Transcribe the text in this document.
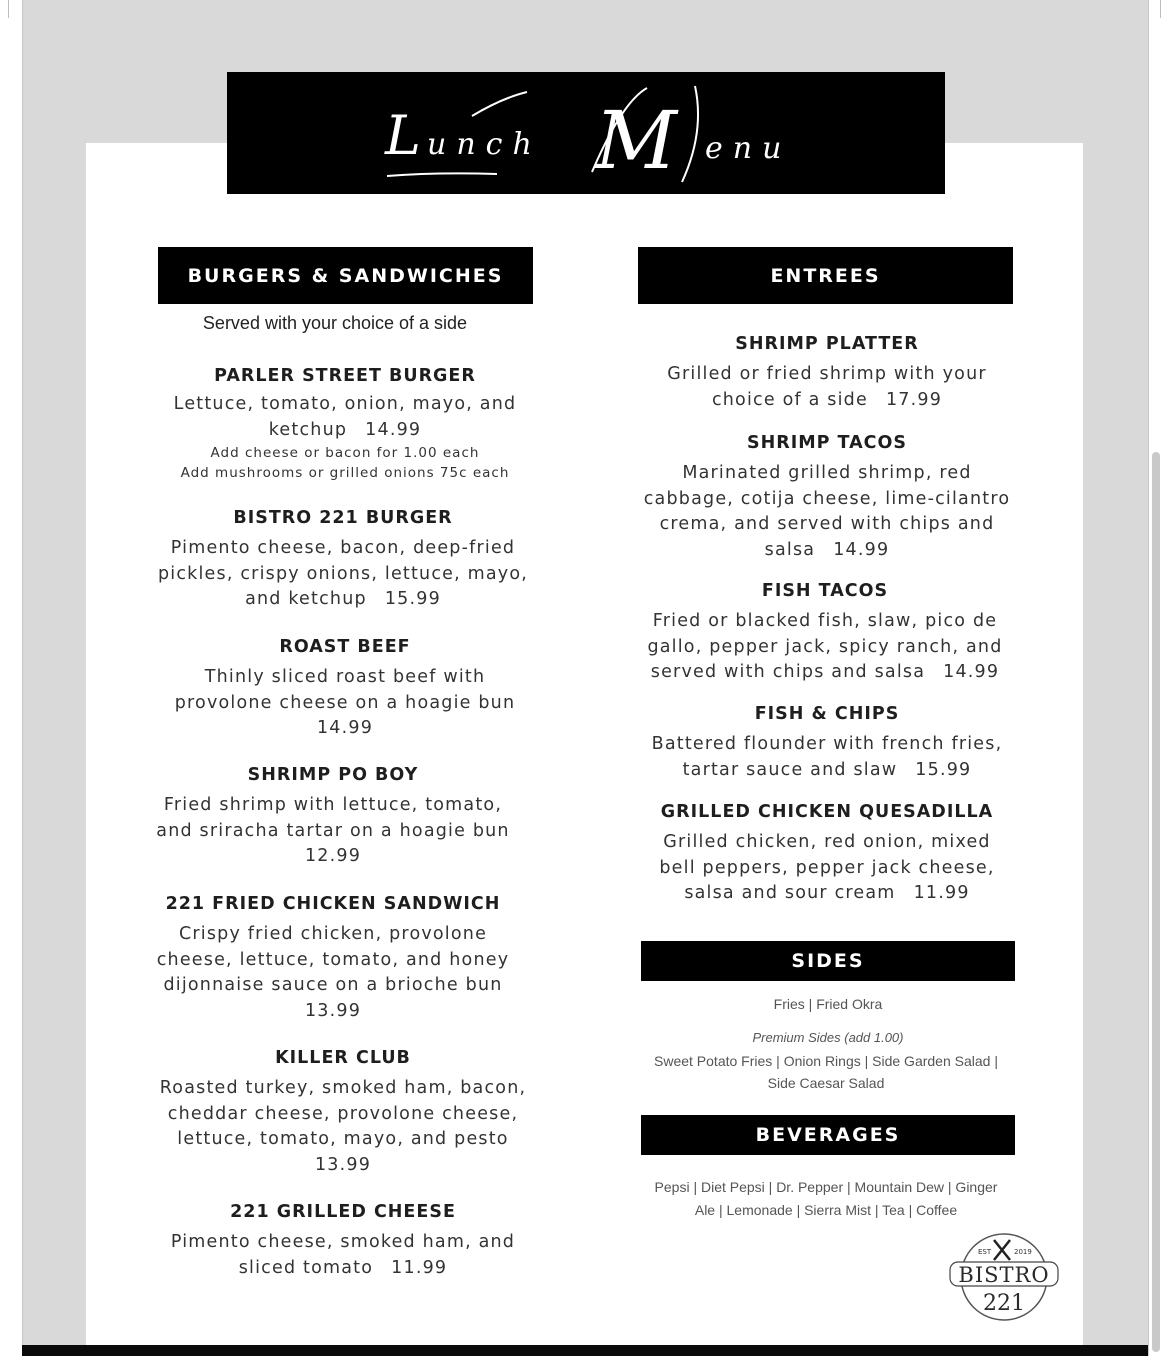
L unch M enu
BURGERS & SANDWICHES
Served with your choice of a side

PARLER STREET BURGER

Lettuce, tomato, onion, mayo, and

ketchup 14.99

Add cheese or bacon for 1.00 each

Add mushrooms or grilled onions 75c each

BISTRO 221 BURGER

Pimento cheese, bacon, deep-fried

pickles, crispy onions, lettuce, mayo,

and ketchup 15.99

ROAST BEEF

Thinly sliced roast beef with

provolone cheese on a hoagie bun

14.99

SHRIMP PO BOY

Fried shrimp with lettuce, tomato,

and sriracha tartar on a hoagie bun

12.99

221 FRIED CHICKEN SANDWICH

Crispy fried chicken, provolone

cheese, lettuce, tomato, and honey

dijonnaise sauce on a brioche bun

13.99

KILLER CLUB

Roasted turkey, smoked ham, bacon,

cheddar cheese, provolone cheese,

lettuce, tomato, mayo, and pesto

13.99

221 GRILLED CHEESE

Pimento cheese, smoked ham, and

sliced tomato 11.99

ENTREES

SHRIMP PLATTER

Grilled or fried shrimp with your

choice of a side 17.99

SHRIMP TACOS

Marinated grilled shrimp, red

cabbage, cotija cheese, lime-cilantro

crema, and served with chips and

salsa 14.99

FISH TACOS

Fried or blacked fish, slaw, pico de

gallo, pepper jack, spicy ranch, and

served with chips and salsa 14.99

FISH & CHIPS

Battered flounder with french fries,

tartar sauce and slaw 15.99

GRILLED CHICKEN QUESADILLA

Grilled chicken, red onion, mixed

bell peppers, pepper jack cheese,

salsa and sour cream 11.99

SIDES
Fries | Fried Okra
Premium Sides (add 1.00)
Sweet Potato Fries | Onion Rings | Side Garden Salad |
Side Caesar Salad
BEVERAGES
Pepsi | Diet Pepsi | Dr. Pepper | Mountain Dew | Ginger
Ale | Lemonade | Sierra Mist | Tea | Coffee
EST	2019
BISTRO
221
